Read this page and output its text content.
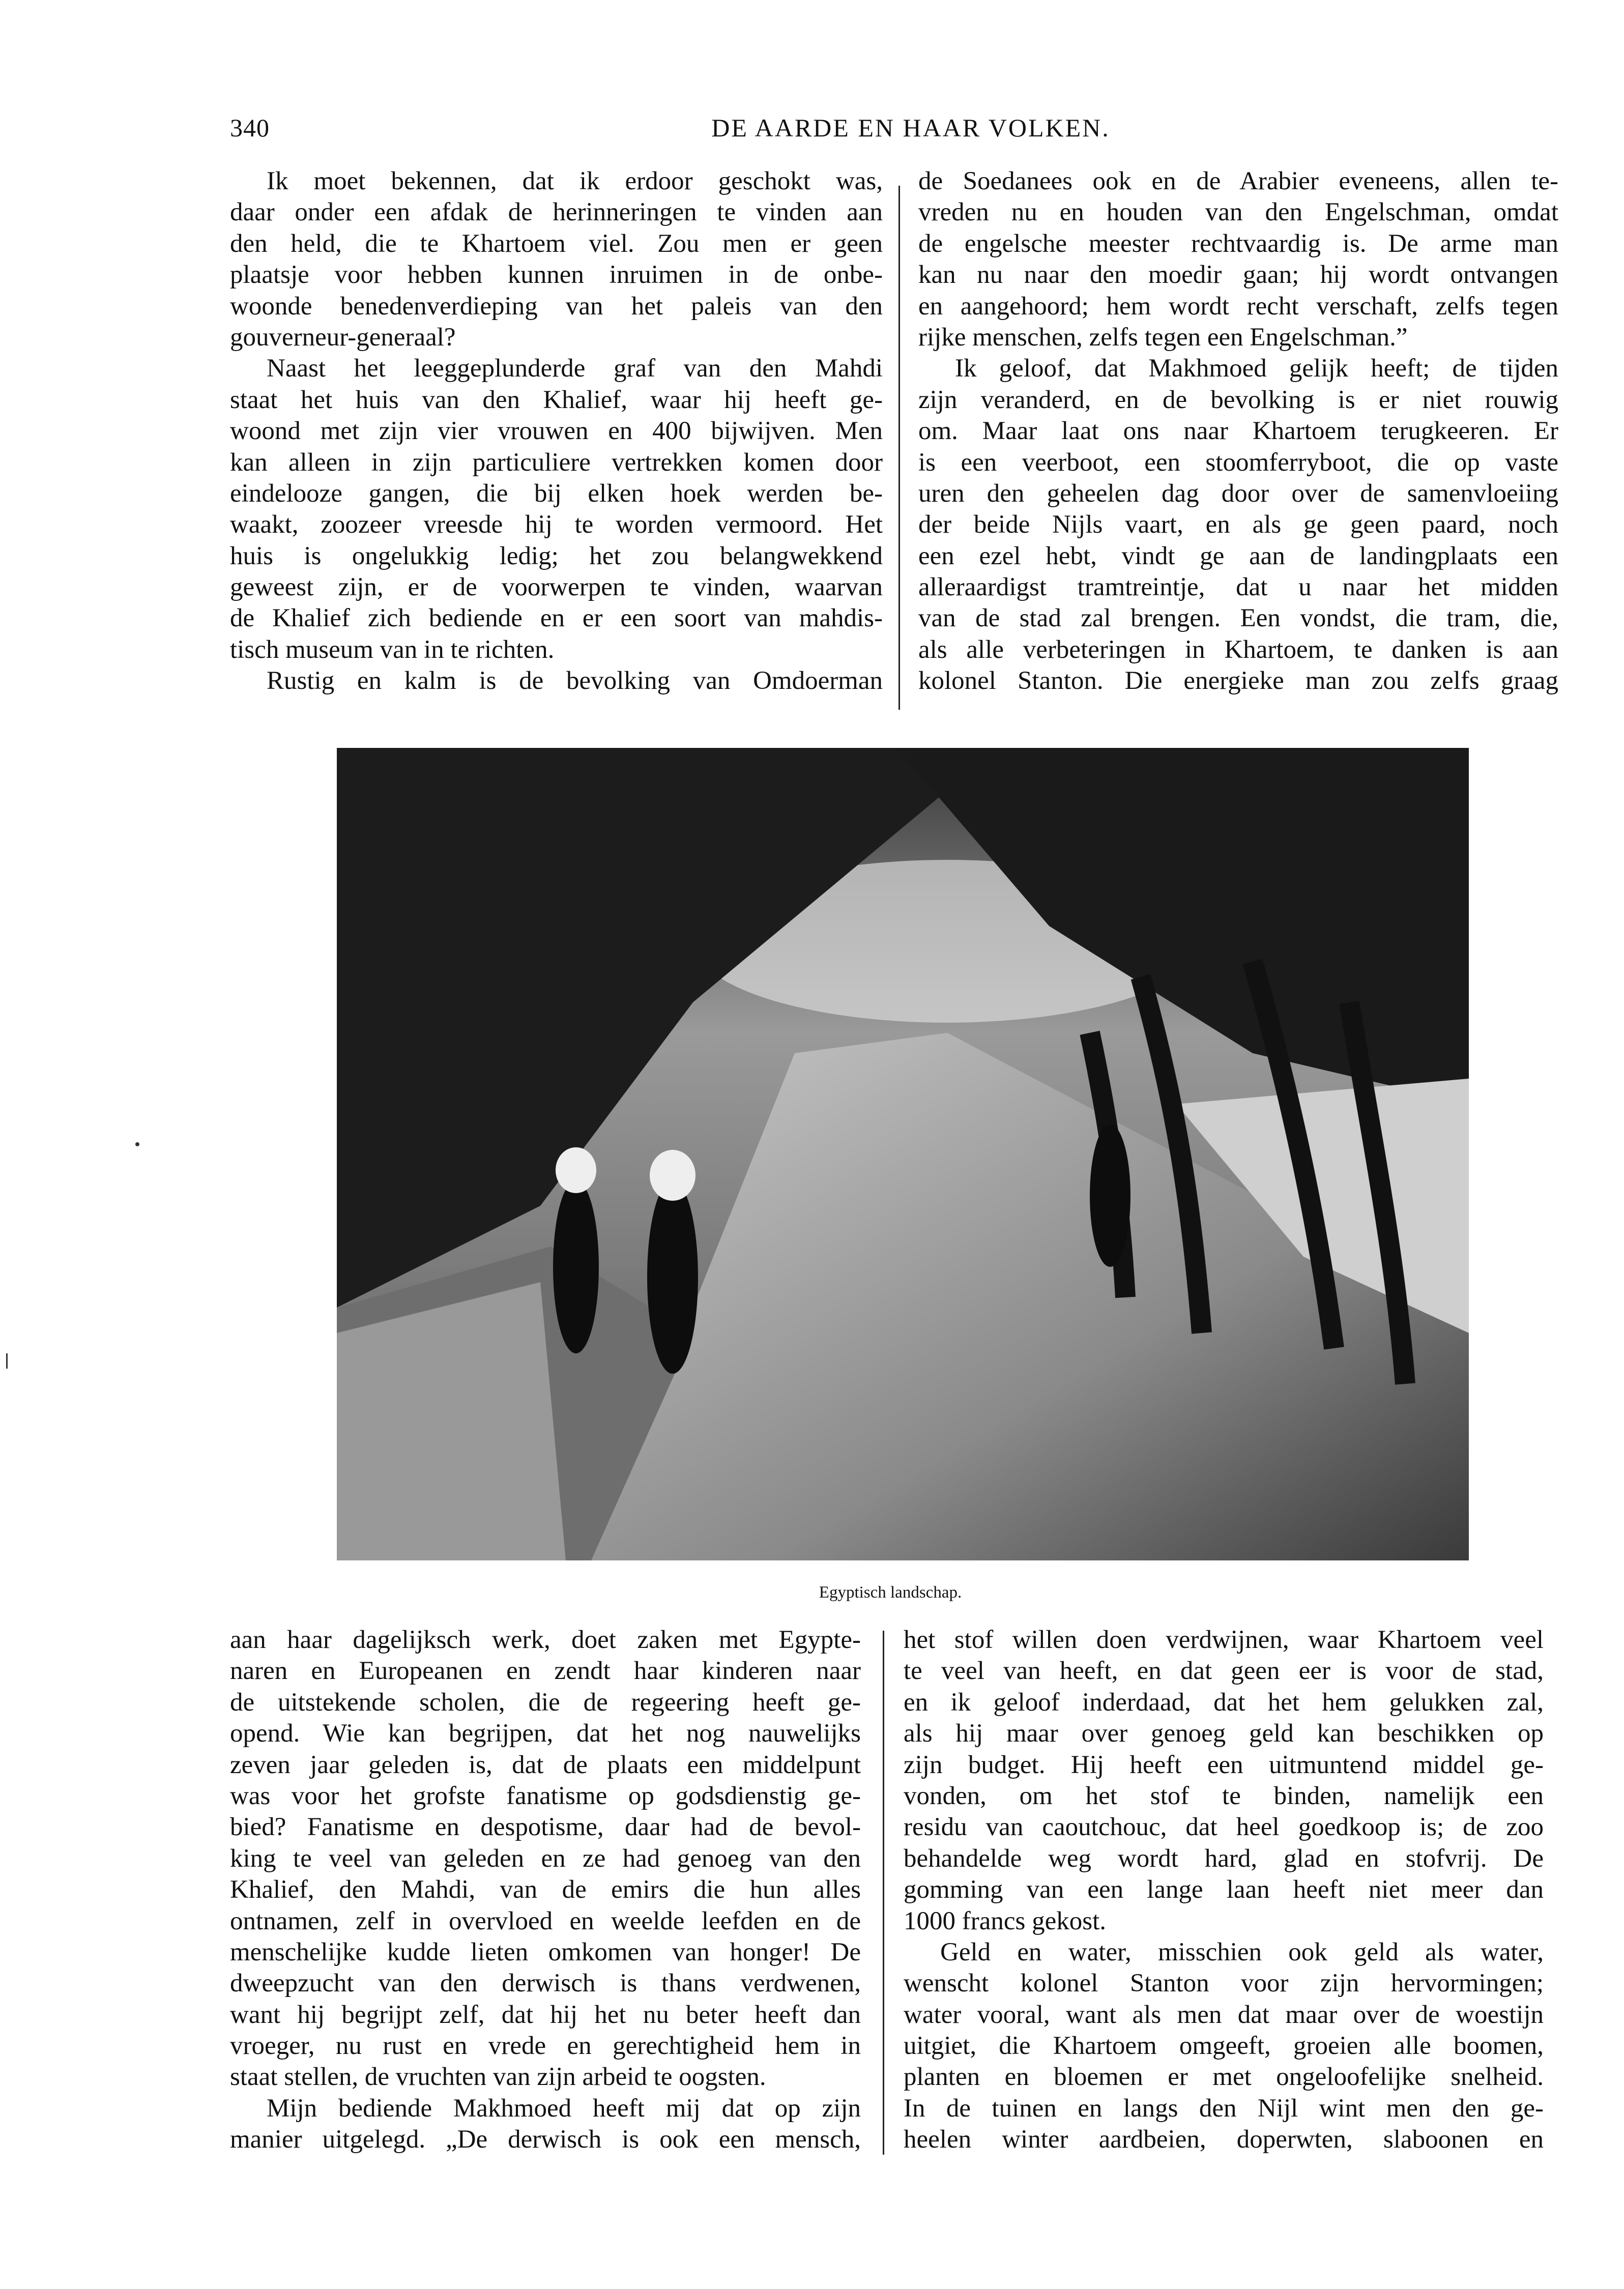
340	DE AARDE EN HAAR VOLKEN.
Ik moet bekennen, dat ik erdoor geschokt was,
daar onder een afdak de herinneringen te vinden aan
den held, die te Khartoem viel. Zou men er geen
plaatsje voor hebben kunnen inruimen in de onbe-
woonde benedenverdieping van het paleis van den
gouverneur-generaal?
Naast het leeggeplunderde graf van den Mahdi
staat het huis van den Khalief, waar hij heeft ge-
woond met zijn vier vrouwen en 400 bijwijven. Men
kan alleen in zijn particuliere vertrekken komen door
eindelooze gangen, die bij elken hoek werden be-
waakt, zoozeer vreesde hij te worden vermoord. Het
huis is ongelukkig ledig; het zou belangwekkend
geweest zijn, er de voorwerpen te vinden, waarvan
de Khalief zich bediende en er een soort van mahdis-
tisch museum van in te richten.
Rustig en kalm is de bevolking van Omdoerman
de Soedanees ook en de Arabier eveneens, allen te-
vreden nu en houden van den Engelschman, omdat
de engelsche meester rechtvaardig is. De arme man
kan nu naar den moedir gaan; hij wordt ontvangen
en aangehoord; hem wordt recht verschaft, zelfs tegen
rijke menschen, zelfs tegen een Engelschman.”
Ik geloof, dat Makhmoed gelijk heeft; de tijden
zijn veranderd, en de bevolking is er niet rouwig
om. Maar laat ons naar Khartoem terugkeeren. Er
is een veerboot, een stoomferryboot, die op vaste
uren den geheelen dag door over de samenvloeiing
der beide Nijls vaart, en als ge geen paard, noch
een ezel hebt, vindt ge aan de landingplaats een
alleraardigst tramtreintje, dat u naar het midden
van de stad zal brengen. Een vondst, die tram, die,
als alle verbeteringen in Khartoem, te danken is aan
kolonel Stanton. Die energieke man zou zelfs graag
Egyptisch landschap.
aan haar dagelijksch werk, doet zaken met Egypte-
naren en Europeanen en zendt haar kinderen naar
de uitstekende scholen, die de regeering heeft ge-
opend. Wie kan begrijpen, dat het nog nauwelijks
zeven jaar geleden is, dat de plaats een middelpunt
was voor het grofste fanatisme op godsdienstig ge-
bied? Fanatisme en despotisme, daar had de bevol-
king te veel van geleden en ze had genoeg van den
Khalief, den Mahdi, van de emirs die hun alles
ontnamen, zelf in overvloed en weelde leefden en de
menschelijke kudde lieten omkomen van honger! De
dweepzucht van den derwisch is thans verdwenen,
want hij begrijpt zelf, dat hij het nu beter heeft dan
vroeger, nu rust en vrede en gerechtigheid hem in
staat stellen, de vruchten van zijn arbeid te oogsten.
Mijn bediende Makhmoed heeft mij dat op zijn
manier uitgelegd. „De derwisch is ook een mensch,
het stof willen doen verdwijnen, waar Khartoem veel
te veel van heeft, en dat geen eer is voor de stad,
en ik geloof inderdaad, dat het hem gelukken zal,
als hij maar over genoeg geld kan beschikken op
zijn budget. Hij heeft een uitmuntend middel ge-
vonden, om het stof te binden, namelijk een
residu van caoutchouc, dat heel goedkoop is; de zoo
behandelde weg wordt hard, glad en stofvrij. De
gomming van een lange laan heeft niet meer dan
1000 francs gekost.
Geld en water, misschien ook geld als water,
wenscht kolonel Stanton voor zijn hervormingen;
water vooral, want als men dat maar over de woestijn
uitgiet, die Khartoem omgeeft, groeien alle boomen,
planten en bloemen er met ongeloofelijke snelheid.
In de tuinen en langs den Nijl wint men den ge-
heelen winter aardbeien, doperwten, slaboonen en
